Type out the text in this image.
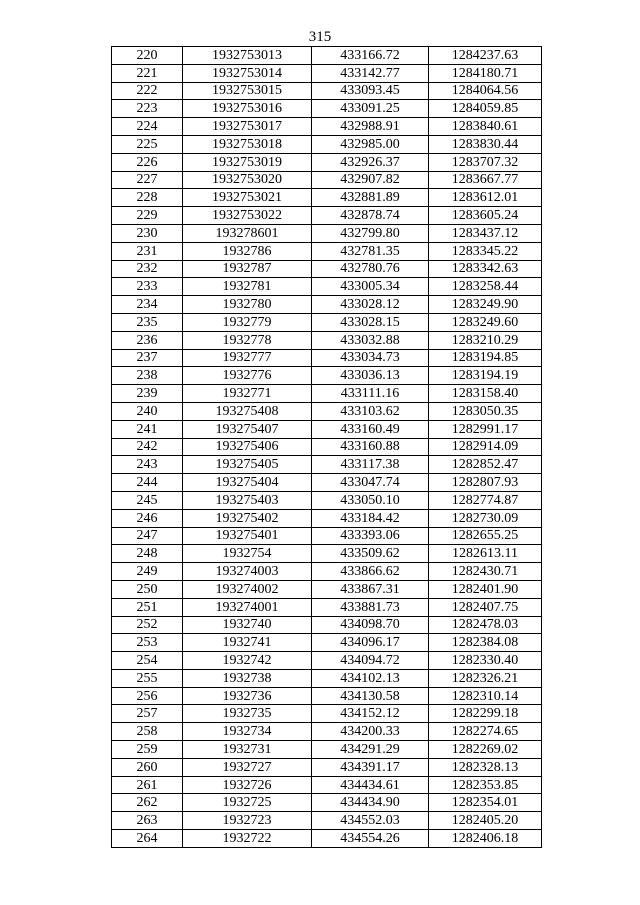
315
220	1932753013	433166.72	1284237.63
221	1932753014	433142.77	1284180.71
222	1932753015	433093.45	1284064.56
223	1932753016	433091.25	1284059.85
224	1932753017	432988.91	1283840.61
225	1932753018	432985.00	1283830.44
226	1932753019	432926.37	1283707.32
227	1932753020	432907.82	1283667.77
228	1932753021	432881.89	1283612.01
229	1932753022	432878.74	1283605.24
230	193278601	432799.80	1283437.12
231	1932786	432781.35	1283345.22
232	1932787	432780.76	1283342.63
233	1932781	433005.34	1283258.44
234	1932780	433028.12	1283249.90
235	1932779	433028.15	1283249.60
236	1932778	433032.88	1283210.29
237	1932777	433034.73	1283194.85
238	1932776	433036.13	1283194.19
239	1932771	433111.16	1283158.40
240	193275408	433103.62	1283050.35
241	193275407	433160.49	1282991.17
242	193275406	433160.88	1282914.09
243	193275405	433117.38	1282852.47
244	193275404	433047.74	1282807.93
245	193275403	433050.10	1282774.87
246	193275402	433184.42	1282730.09
247	193275401	433393.06	1282655.25
248	1932754	433509.62	1282613.11
249	193274003	433866.62	1282430.71
250	193274002	433867.31	1282401.90
251	193274001	433881.73	1282407.75
252	1932740	434098.70	1282478.03
253	1932741	434096.17	1282384.08
254	1932742	434094.72	1282330.40
255	1932738	434102.13	1282326.21
256	1932736	434130.58	1282310.14
257	1932735	434152.12	1282299.18
258	1932734	434200.33	1282274.65
259	1932731	434291.29	1282269.02
260	1932727	434391.17	1282328.13
261	1932726	434434.61	1282353.85
262	1932725	434434.90	1282354.01
263	1932723	434552.03	1282405.20
264	1932722	434554.26	1282406.18
